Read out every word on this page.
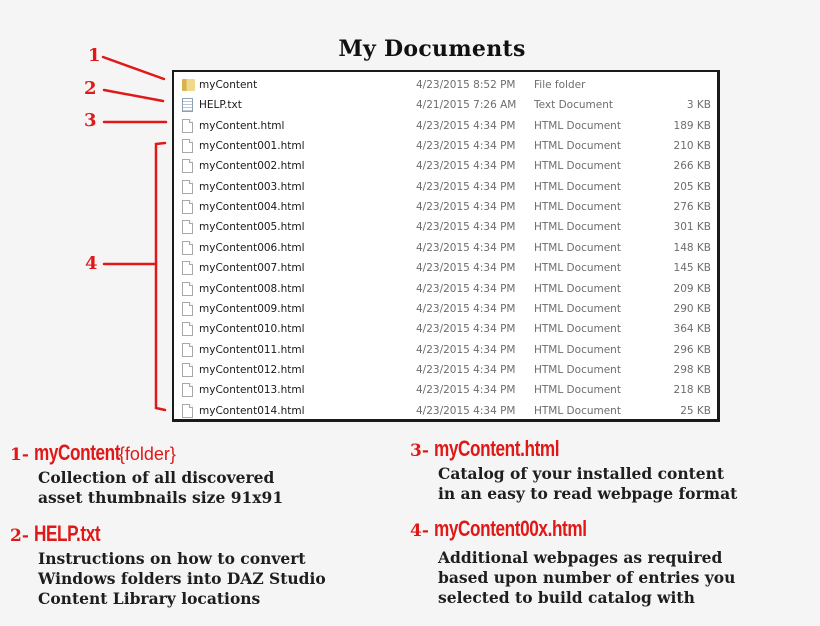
My Documents
1
2
3
4
myContent	4/23/2015 8:52 PM File folder
HELP.txt	4/21/2015 7:26 AM Text Document	3 KB
myContent.html	4/23/2015 4:34 PM HTML Document	189 KB
myContent001.html	4/23/2015 4:34 PM HTML Document	210 KB
myContent002.html	4/23/2015 4:34 PM HTML Document	266 KB
myContent003.html	4/23/2015 4:34 PM HTML Document	205 KB
myContent004.html	4/23/2015 4:34 PM HTML Document	276 KB
myContent005.html	4/23/2015 4:34 PM HTML Document	301 KB
myContent006.html	4/23/2015 4:34 PM HTML Document	148 KB
myContent007.html	4/23/2015 4:34 PM HTML Document	145 KB
myContent008.html	4/23/2015 4:34 PM HTML Document	209 KB
myContent009.html	4/23/2015 4:34 PM HTML Document	290 KB
myContent010.html	4/23/2015 4:34 PM HTML Document	364 KB
myContent011.html	4/23/2015 4:34 PM HTML Document	296 KB
myContent012.html	4/23/2015 4:34 PM HTML Document	298 KB
myContent013.html	4/23/2015 4:34 PM HTML Document	218 KB
myContent014.html	4/23/2015 4:34 PM HTML Document	25 KB
1- myContent{folder}
Collection of all discovered
asset thumbnails size 91x91
2- HELP.txt
Instructions on how to convert
Windows folders into DAZ Studio
Content Library locations
3- myContent.html
Catalog of your installed content
in an easy to read webpage format
4- myContent00x.html
Additional webpages as required
based upon number of entries you
selected to build catalog with
